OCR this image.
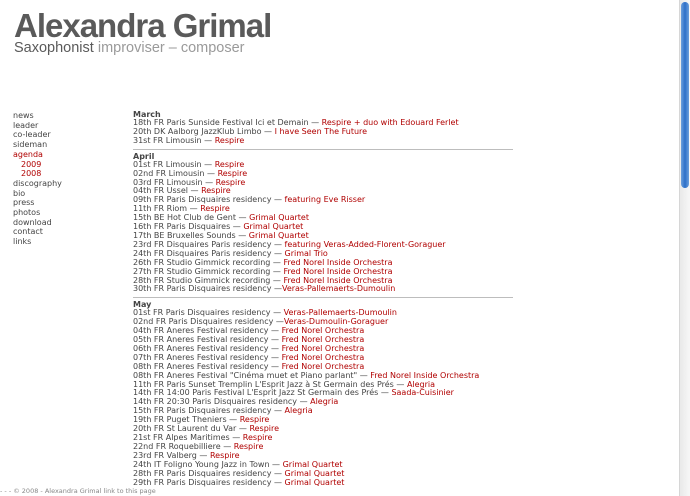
Alexandra Grimal
Saxophonist improviser – composer
news
leader
co-leader
sideman
agenda
2009
2008
discography
bio
press
photos
download
contact
links
March
18th FR Paris Sunside Festival Ici et Demain — Respire + duo with Edouard Ferlet
20th DK Aalborg JazzKlub Limbo — I have Seen The Future
31st FR Limousin — Respire
April
01st FR Limousin — Respire
02nd FR Limousin — Respire
03rd FR Limousin — Respire
04th FR Ussel — Respire
09th FR Paris Disquaires residency — featuring Eve Risser
11th FR Riom — Respire
15th BE Hot Club de Gent — Grimal Quartet
16th FR Paris Disquaires — Grimal Quartet
17th BE Bruxelles Sounds — Grimal Quartet
23rd FR Disquaires Paris residency — featuring Veras-Added-Florent-Goraguer
24th FR Disquaires Paris residency — Grimal Trio
26th FR Studio Gimmick recording — Fred Norel Inside Orchestra
27th FR Studio Gimmick recording — Fred Norel Inside Orchestra
28th FR Studio Gimmick recording — Fred Norel Inside Orchestra
30th FR Paris Disquaires residency —Veras-Pallemaerts-Dumoulin
May
01st FR Paris Disquaires residency — Veras-Pallemaerts-Dumoulin
02nd FR Paris Disquaires residency —Veras-Dumoulin-Goraguer
04th FR Aneres Festival residency — Fred Norel Orchestra
05th FR Aneres Festival residency — Fred Norel Orchestra
06th FR Aneres Festival residency — Fred Norel Orchestra
07th FR Aneres Festival residency — Fred Norel Orchestra
08th FR Aneres Festival residency — Fred Norel Orchestra
08th FR Aneres Festival "Cinéma muet et Piano parlant" — Fred Norel Inside Orchestra
11th FR Paris Sunset Tremplin L'Esprit Jazz à St Germain des Prés — Alegria
14th FR 14:00 Paris Festival L'Esprit Jazz St Germain des Prés — Saada-Cuisinier
14th FR 20:30 Paris Disquaires residency — Alegria
15th FR Paris Disquaires residency — Alegria
19th FR Puget Theniers — Respire
20th FR St Laurent du Var — Respire
21st FR Alpes Maritimes — Respire
22nd FR Roquebilliere — Respire
23rd FR Valberg — Respire
24th IT Foligno Young Jazz in Town — Grimal Quartet
28th FR Paris Disquaires residency — Grimal Quartet
29th FR Paris Disquaires residency — Grimal Quartet
- - - © 2008 - Alexandra Grimal link to this page
